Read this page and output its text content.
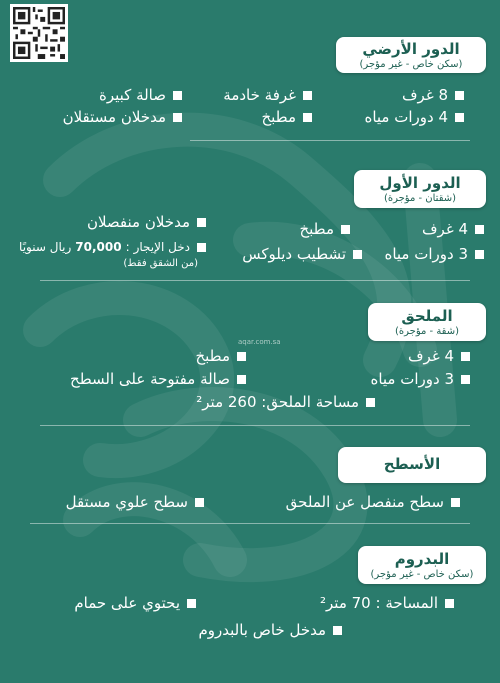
الدور الأرضي
(سكن خاص - غير مؤجر)
8 غرف
غرفة خادمة
صالة كبيرة
4 دورات مياه
مطبخ
مدخلان مستقلان
الدور الأول
(شقتان - مؤجرة)
4 غرف
مطبخ
مدخلان منفصلان
3 دورات مياه
تشطيب ديلوكس
دخل الإيجار
:
70,000
ريال سنويًا
(من الشقق فقط)
الملحق
(شقة - مؤجرة)
aqar.com.sa
4 غرف
مطبخ
3 دورات مياه
صالة مفتوحة على السطح
مساحة الملحق: 260 متر²
الأسطح
سطح منفصل عن الملحق
سطح علوي مستقل
البدروم
(سكن خاص - غير مؤجر)
المساحة : 70 متر²
يحتوي على حمام
مدخل خاص بالبدروم
